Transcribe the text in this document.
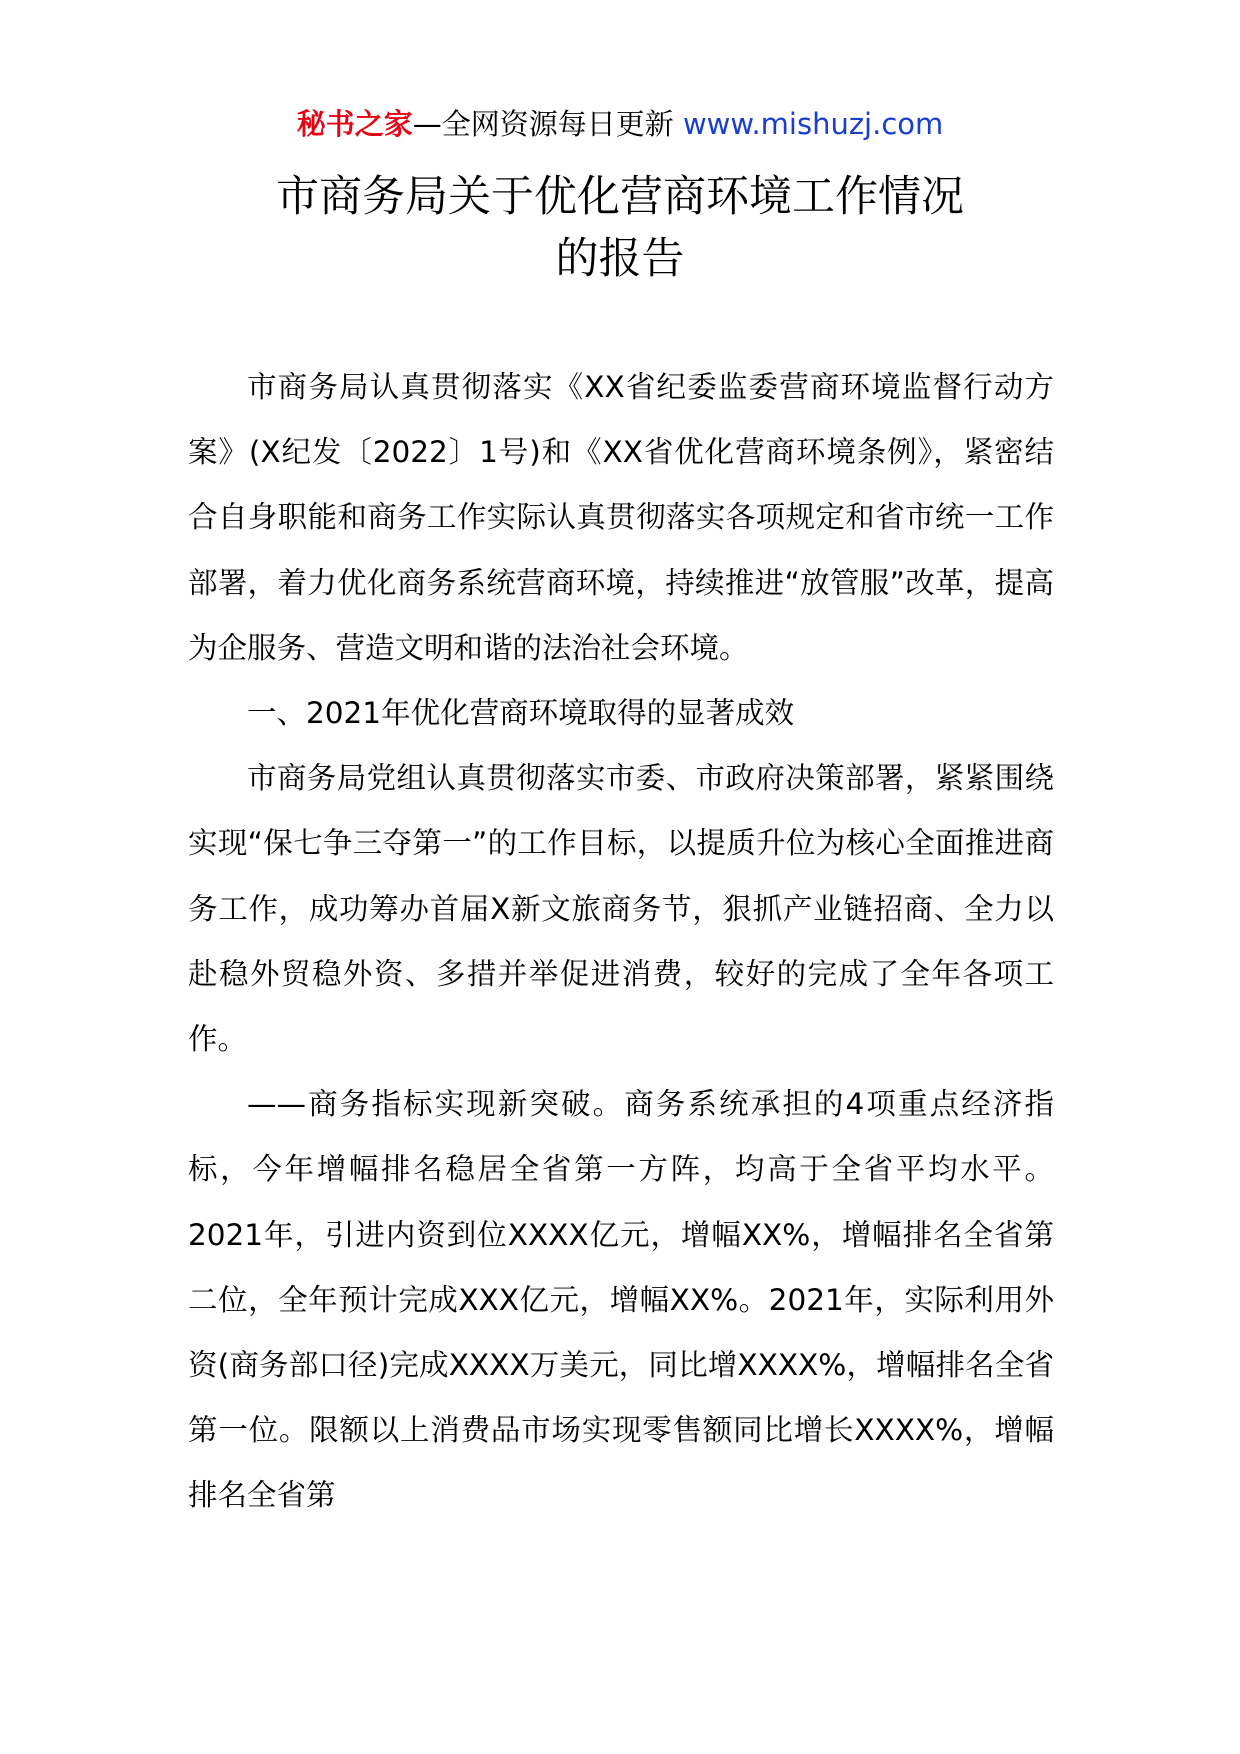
秘书之家—全网资源每日更新 www.mishuzj.com
市商务局关于优化营商环境工作情况
的报告

市商务局认真贯彻落实《XX省纪委监委营商环境监督行动方案》(X纪发〔2022〕1号)和《XX省优化营商环境条例》，紧密结合自身职能和商务工作实际认真贯彻落实各项规定和省市统一工作部署，着力优化商务系统营商环境，持续推进“放管服”改革，提高为企服务、营造文明和谐的法治社会环境。

一、2021年优化营商环境取得的显著成效

市商务局党组认真贯彻落实市委、市政府决策部署，紧紧围绕实现“保七争三夺第一”的工作目标，以提质升位为核心全面推进商务工作，成功筹办首届X新文旅商务节，狠抓产业链招商、全力以赴稳外贸稳外资、多措并举促进消费，较好的完成了全年各项工作。

——商务指标实现新突破。商务系统承担的4项重点经济指标，今年增幅排名稳居全省第一方阵，均高于全省平均水平。2021年，引进内资到位XXXX亿元，增幅XX%，增幅排名全省第二位，全年预计完成XXX亿元，增幅XX%。2021年，实际利用外资(商务部口径)完成XXXX万美元，同比增XXXX%，增幅排名全省第一位。限额以上消费品市场实现零售额同比增长XXXX%，增幅排名全省第
